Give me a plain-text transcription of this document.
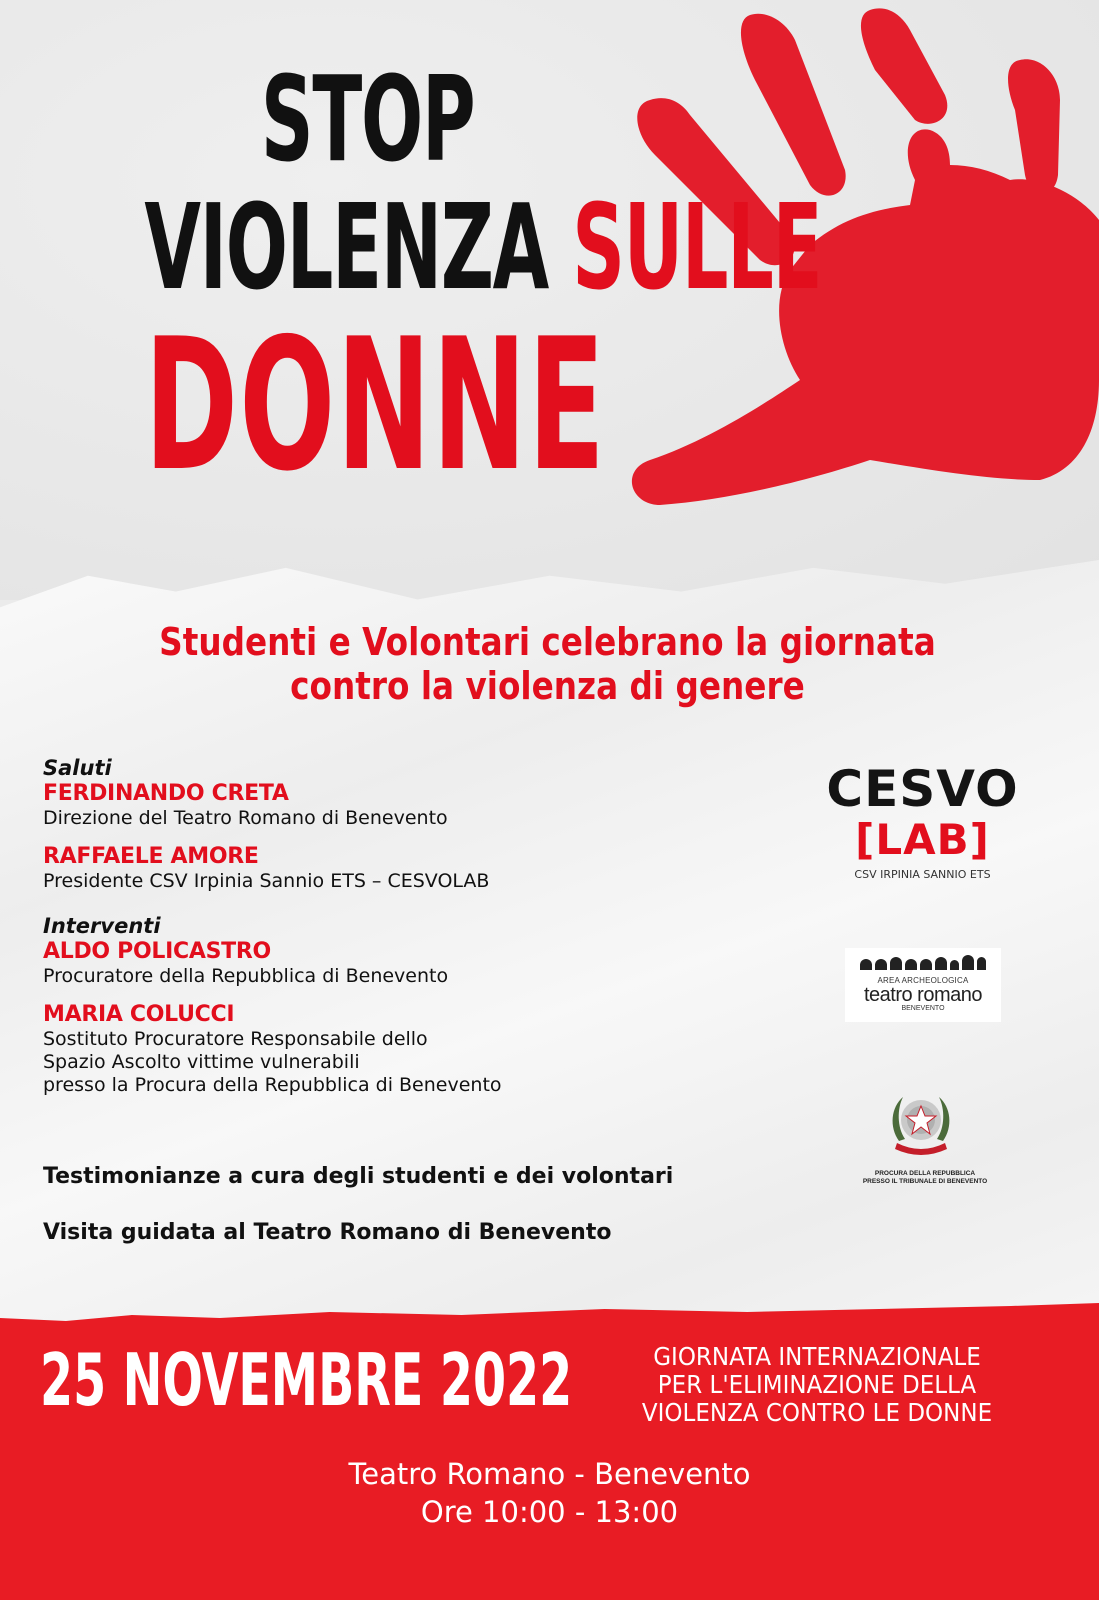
STOP
VIOLENZA SULLE
DONNE
Studenti e Volontari celebrano la giornata
contro la violenza di genere
Saluti
FERDINANDO CRETA
Direzione del Teatro Romano di Benevento
RAFFAELE AMORE
Presidente CSV Irpinia Sannio ETS – CESVOLAB
Interventi
ALDO POLICASTRO
Procuratore della Repubblica di Benevento
MARIA COLUCCI
Sostituto Procuratore Responsabile dello
Spazio Ascolto vittime vulnerabili
presso la Procura della Repubblica di Benevento
Testimonianze a cura degli studenti e dei volontari
Visita guidata al Teatro Romano di Benevento
CESVO
[LAB]
CSV IRPINIA SANNIO ETS
AREA ARCHEOLOGICA
teatro romano
BENEVENTO
PROCURA DELLA REPUBBLICA
PRESSO IL TRIBUNALE DI BENEVENTO
25 NOVEMBRE 2022	GIORNATA INTERNAZIONALE
PER L'ELIMINAZIONE DELLA
VIOLENZA CONTRO LE DONNE
Teatro Romano - Benevento
Ore 10:00 - 13:00
